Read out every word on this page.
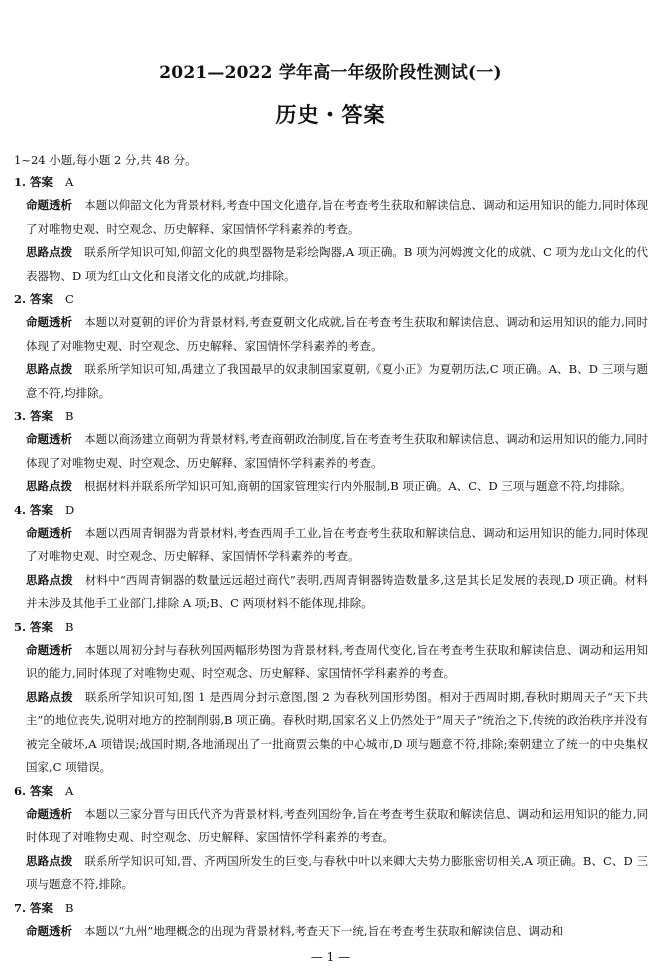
2021—2022 学年高一年级阶段性测试(一)
历史・答案
1~24 小题,每小题 2 分,共 48 分。
1. 答案 A
命题透析 本题以仰韶文化为背景材料,考查中国文化遗存,旨在考查考生获取和解读信息、调动和运用知识的能力,同时体现了对唯物史观、时空观念、历史解释、家国情怀学科素养的考查。
思路点拨 联系所学知识可知,仰韶文化的典型器物是彩绘陶器,A 项正确。B 项为河姆渡文化的成就、C 项为龙山文化的代表器物、D 项为红山文化和良渚文化的成就,均排除。
2. 答案 C
命题透析 本题以对夏朝的评价为背景材料,考查夏朝文化成就,旨在考查考生获取和解读信息、调动和运用知识的能力,同时体现了对唯物史观、时空观念、历史解释、家国情怀学科素养的考查。
思路点拨 联系所学知识可知,禹建立了我国最早的奴隶制国家夏朝,《夏小正》为夏朝历法,C 项正确。A、B、D 三项与题意不符,均排除。
3. 答案 B
命题透析 本题以商汤建立商朝为背景材料,考查商朝政治制度,旨在考查考生获取和解读信息、调动和运用知识的能力,同时体现了对唯物史观、时空观念、历史解释、家国情怀学科素养的考查。
思路点拨 根据材料并联系所学知识可知,商朝的国家管理实行内外服制,B 项正确。A、C、D 三项与题意不符,均排除。
4. 答案 D
命题透析 本题以西周青铜器为背景材料,考查西周手工业,旨在考查考生获取和解读信息、调动和运用知识的能力,同时体现了对唯物史观、时空观念、历史解释、家国情怀学科素养的考查。
思路点拨 材料中“西周青铜器的数量远远超过商代”表明,西周青铜器铸造数量多,这是其长足发展的表现,D 项正确。材料并未涉及其他手工业部门,排除 A 项;B、C 两项材料不能体现,排除。
5. 答案 B
命题透析 本题以周初分封与春秋列国两幅形势图为背景材料,考查周代变化,旨在考查考生获取和解读信息、调动和运用知识的能力,同时体现了对唯物史观、时空观念、历史解释、家国情怀学科素养的考查。
思路点拨 联系所学知识可知,图 1 是西周分封示意图,图 2 为春秋列国形势图。相对于西周时期,春秋时期周天子“天下共主”的地位丧失,说明对地方的控制削弱,B 项正确。春秋时期,国家名义上仍然处于“周天子”统治之下,传统的政治秩序并没有被完全破坏,A 项错误;战国时期,各地涌现出了一批商贾云集的中心城市,D 项与题意不符,排除;秦朝建立了统一的中央集权国家,C 项错误。
6. 答案 A
命题透析 本题以三家分晋与田氏代齐为背景材料,考查列国纷争,旨在考查考生获取和解读信息、调动和运用知识的能力,同时体现了对唯物史观、时空观念、历史解释、家国情怀学科素养的考查。
思路点拨 联系所学知识可知,晋、齐两国所发生的巨变,与春秋中叶以来卿大夫势力膨胀密切相关,A 项正确。B、C、D 三项与题意不符,排除。
7. 答案 B
命题透析 本题以“九州”地理概念的出现为背景材料,考查天下一统,旨在考查考生获取和解读信息、调动和
— 1 —
